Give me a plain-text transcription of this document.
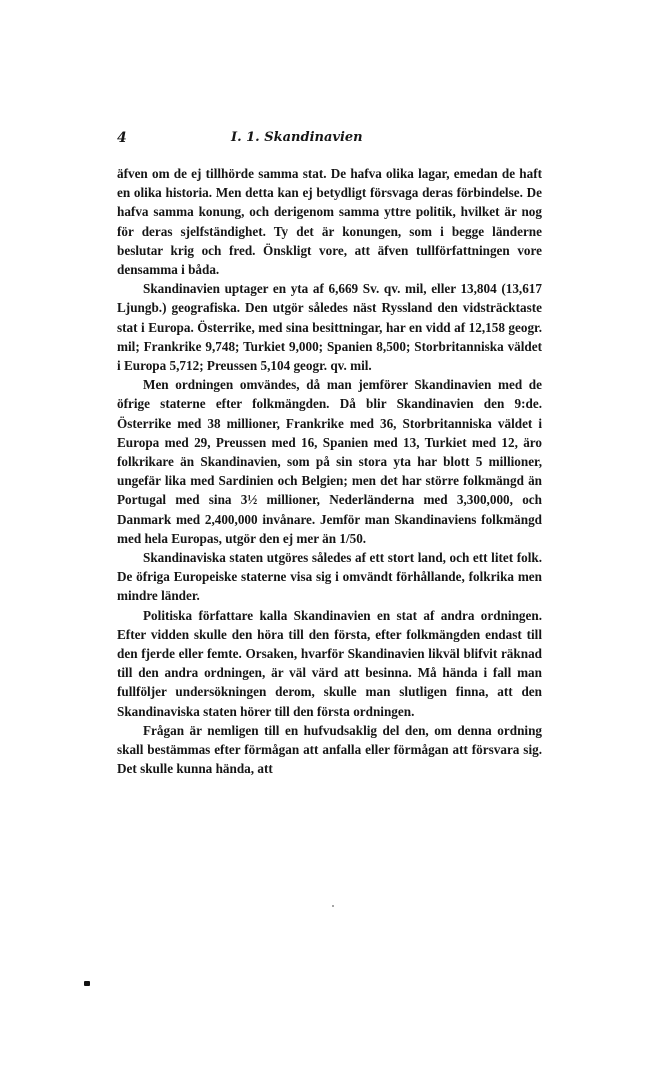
4	I. 1. Skandinavien

äfven om de ej tillhörde samma stat. De hafva olika lagar, emedan de haft en olika historia. Men detta kan ej betydligt försvaga deras förbindelse. De hafva samma konung, och derigenom samma yttre politik, hvilket är nog för deras sjelfständighet. Ty det är konungen, som i begge länderne beslutar krig och fred. Önskligt vore, att äfven tullförfattningen vore densamma i båda.

Skandinavien uptager en yta af 6,669 Sv. qv. mil, eller 13,804 (13,617 Ljungb.) geografiska. Den utgör således näst Ryssland den vidsträcktaste stat i Europa. Österrike, med sina besittningar, har en vidd af 12,158 geogr. mil; Frankrike 9,748; Turkiet 9,000; Spanien 8,500; Storbritanniska väldet i Europa 5,712; Preussen 5,104 geogr. qv. mil.

Men ordningen omvändes, då man jemförer Skandinavien med de öfrige staterne efter folkmängden. Då blir Skandinavien den 9:de. Österrike med 38 millioner, Frankrike med 36, Storbritanniska väldet i Europa med 29, Preussen med 16, Spanien med 13, Turkiet med 12, äro folkrikare än Skandinavien, som på sin stora yta har blott 5 millioner, ungefär lika med Sardinien och Belgien; men det har större folkmängd än Portugal med sina 3½ millioner, Nederländerna med 3,300,000, och Danmark med 2,400,000 invånare. Jemför man Skandinaviens folkmängd med hela Europas, utgör den ej mer än 1/50.

Skandinaviska staten utgöres således af ett stort land, och ett litet folk. De öfriga Europeiske staterne visa sig i omvändt förhållande, folkrika men mindre länder.

Politiska författare kalla Skandinavien en stat af andra ordningen. Efter vidden skulle den höra till den första, efter folkmängden endast till den fjerde eller femte. Orsaken, hvarför Skandinavien likväl blifvit räknad till den andra ordningen, är väl värd att besinna. Må hända i fall man fullföljer undersökningen derom, skulle man slutligen finna, att den Skandinaviska staten hörer till den första ordningen.

Frågan är nemligen till en hufvudsaklig del den, om denna ordning skall bestämmas efter förmågan att anfalla eller förmågan att försvara sig. Det skulle kunna hända, att
